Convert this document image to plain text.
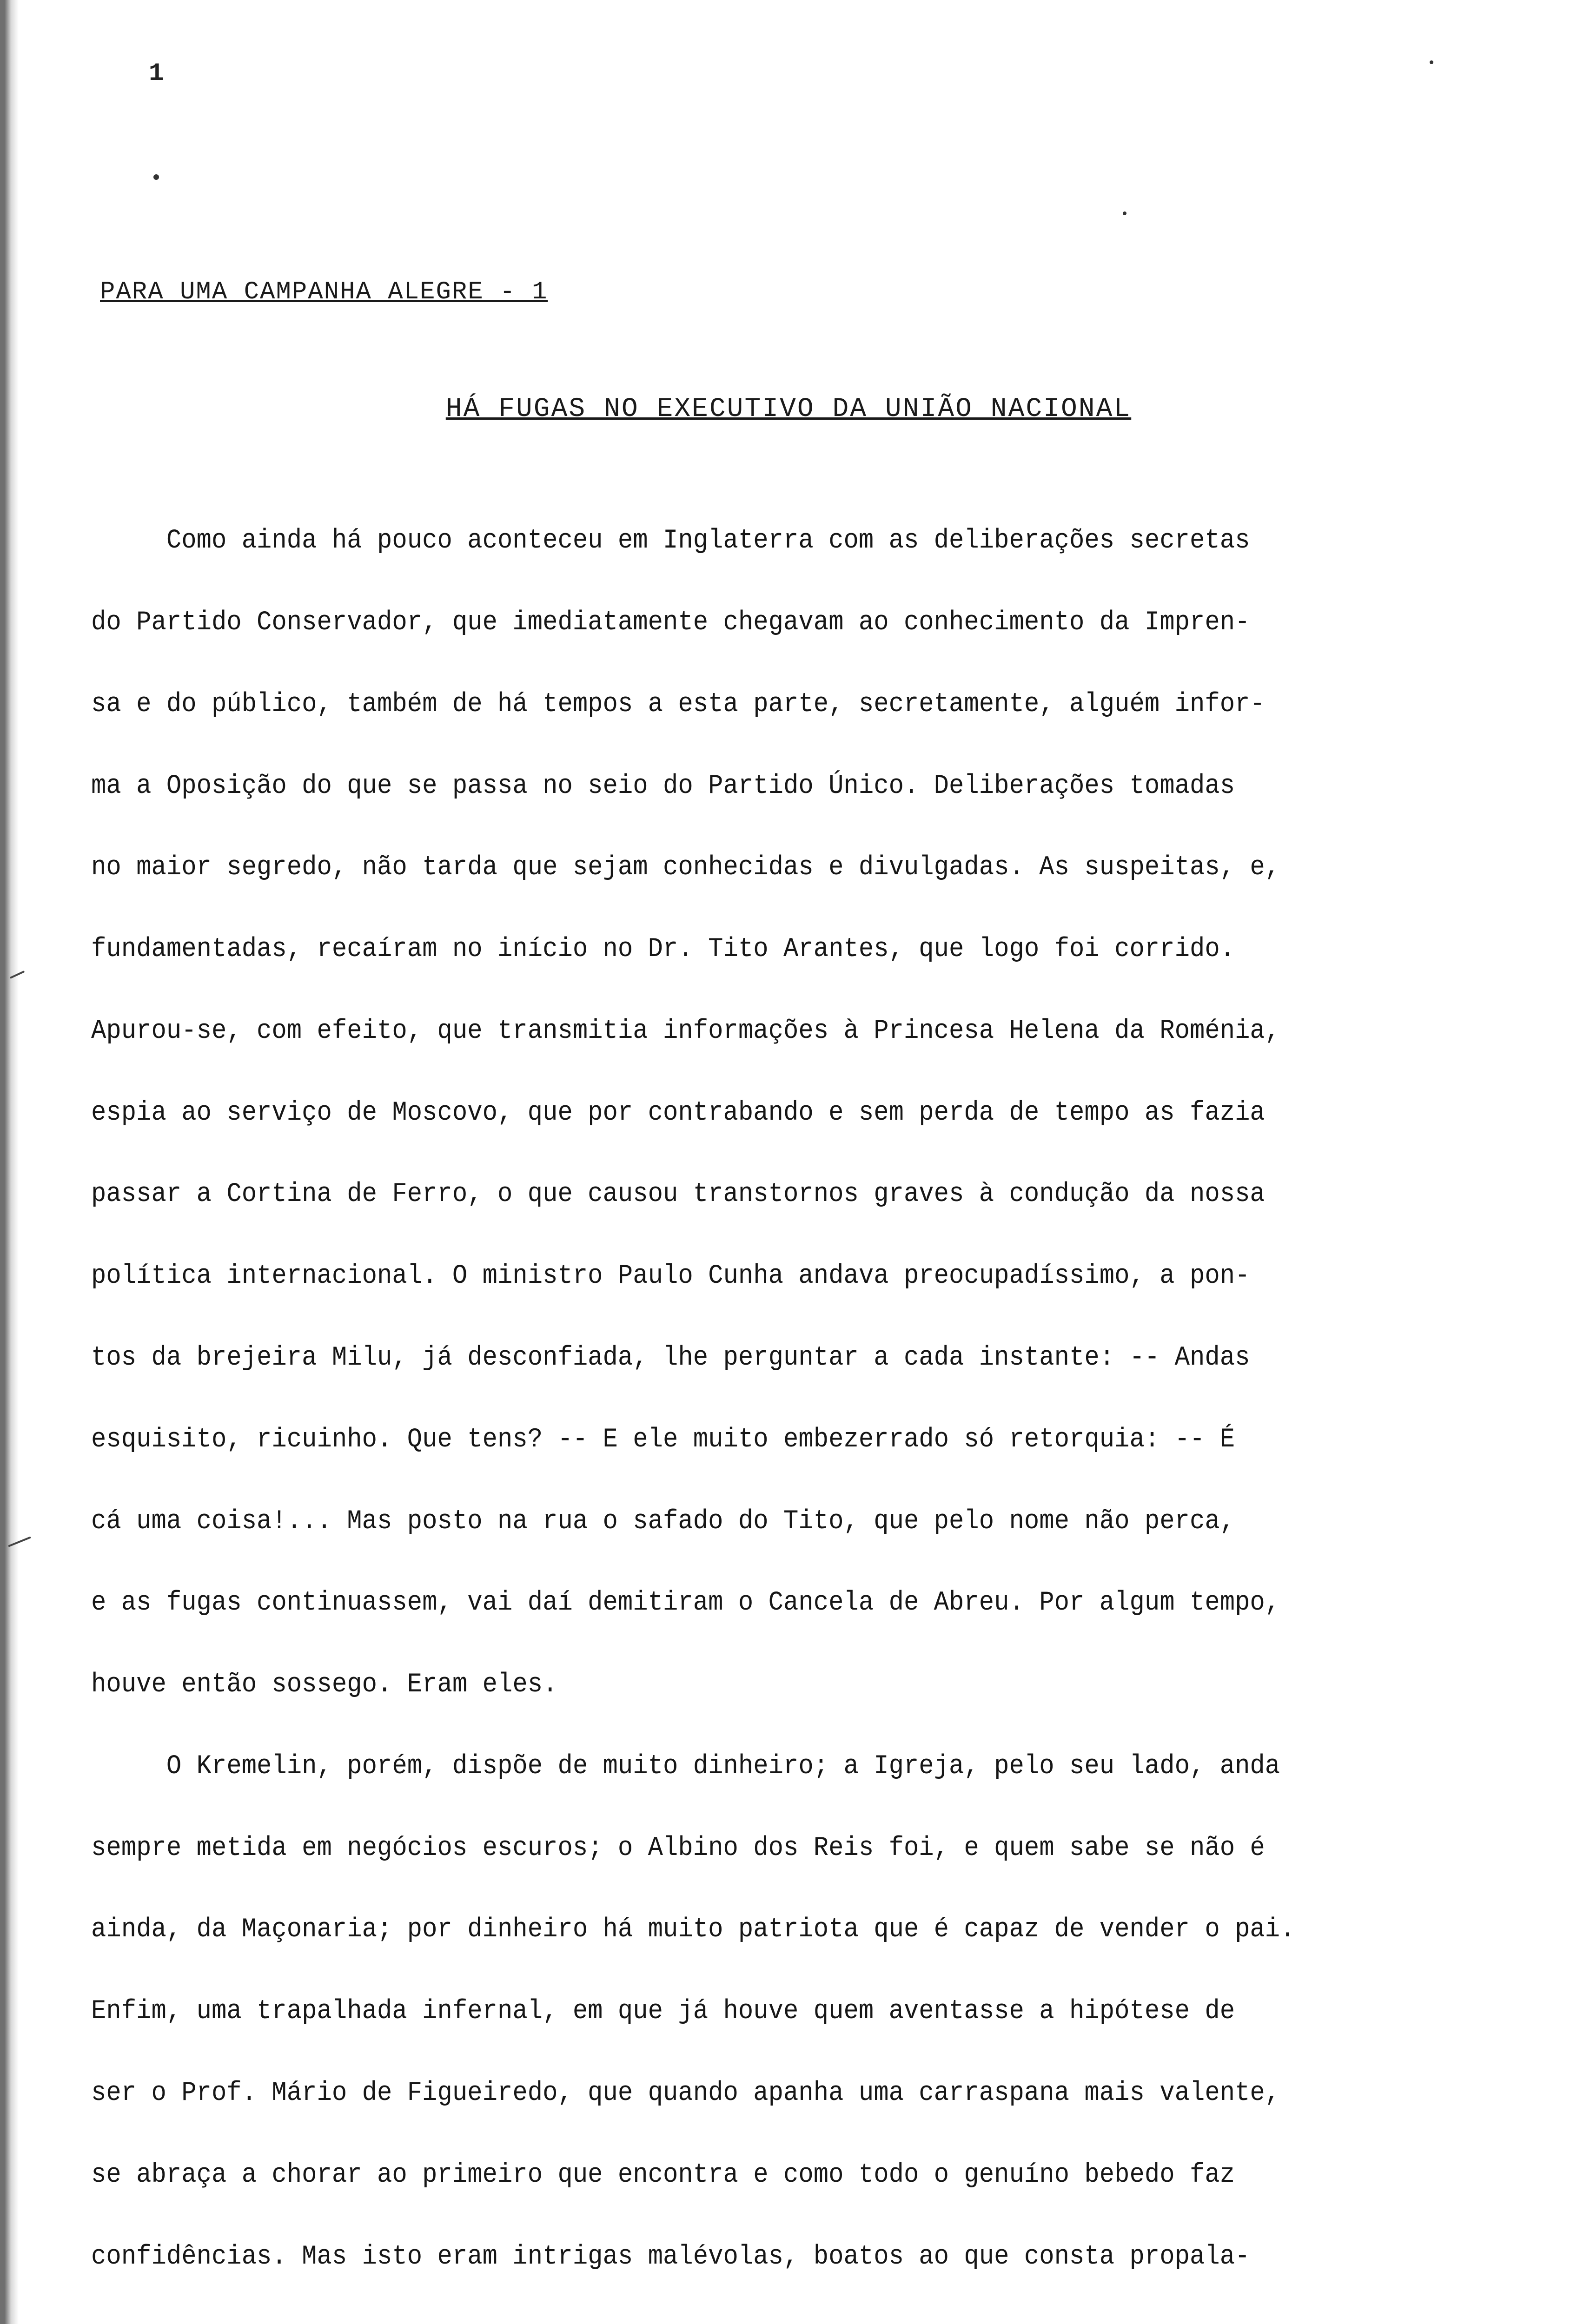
1
PARA UMA CAMPANHA ALEGRE - 1
HÁ FUGAS NO EXECUTIVO DA UNIÃO NACIONAL

Como ainda há pouco aconteceu em Inglaterra com as deliberações secretas

do Partido Conservador, que imediatamente chegavam ao conhecimento da Impren-

sa e do público, também de há tempos a esta parte, secretamente, alguém infor-

ma a Oposição do que se passa no seio do Partido Único. Deliberações tomadas

no maior segredo, não tarda que sejam conhecidas e divulgadas. As suspeitas, e,

fundamentadas, recaíram no início no Dr. Tito Arantes, que logo foi corrido.

Apurou-se, com efeito, que transmitia informações à Princesa Helena da Roménia,

espia ao serviço de Moscovo, que por contrabando e sem perda de tempo as fazia

passar a Cortina de Ferro, o que causou transtornos graves à condução da nossa

política internacional. O ministro Paulo Cunha andava preocupadíssimo, a pon-

tos da brejeira Milu, já desconfiada, lhe perguntar a cada instante: -- Andas

esquisito, ricuinho. Que tens? -- E ele muito embezerrado só retorquia: -- É

cá uma coisa!... Mas posto na rua o safado do Tito, que pelo nome não perca,

e as fugas continuassem, vai daí demitiram o Cancela de Abreu. Por algum tempo,

houve então sossego. Eram eles.

O Kremelin, porém, dispõe de muito dinheiro; a Igreja, pelo seu lado, anda

sempre metida em negócios escuros; o Albino dos Reis foi, e quem sabe se não é

ainda, da Maçonaria; por dinheiro há muito patriota que é capaz de vender o pai.

Enfim, uma trapalhada infernal, em que já houve quem aventasse a hipótese de

ser o Prof. Mário de Figueiredo, que quando apanha uma carraspana mais valente,

se abraça a chorar ao primeiro que encontra e como todo o genuíno bebedo faz

confidências. Mas isto eram intrigas malévolas, boatos ao que consta propala-
